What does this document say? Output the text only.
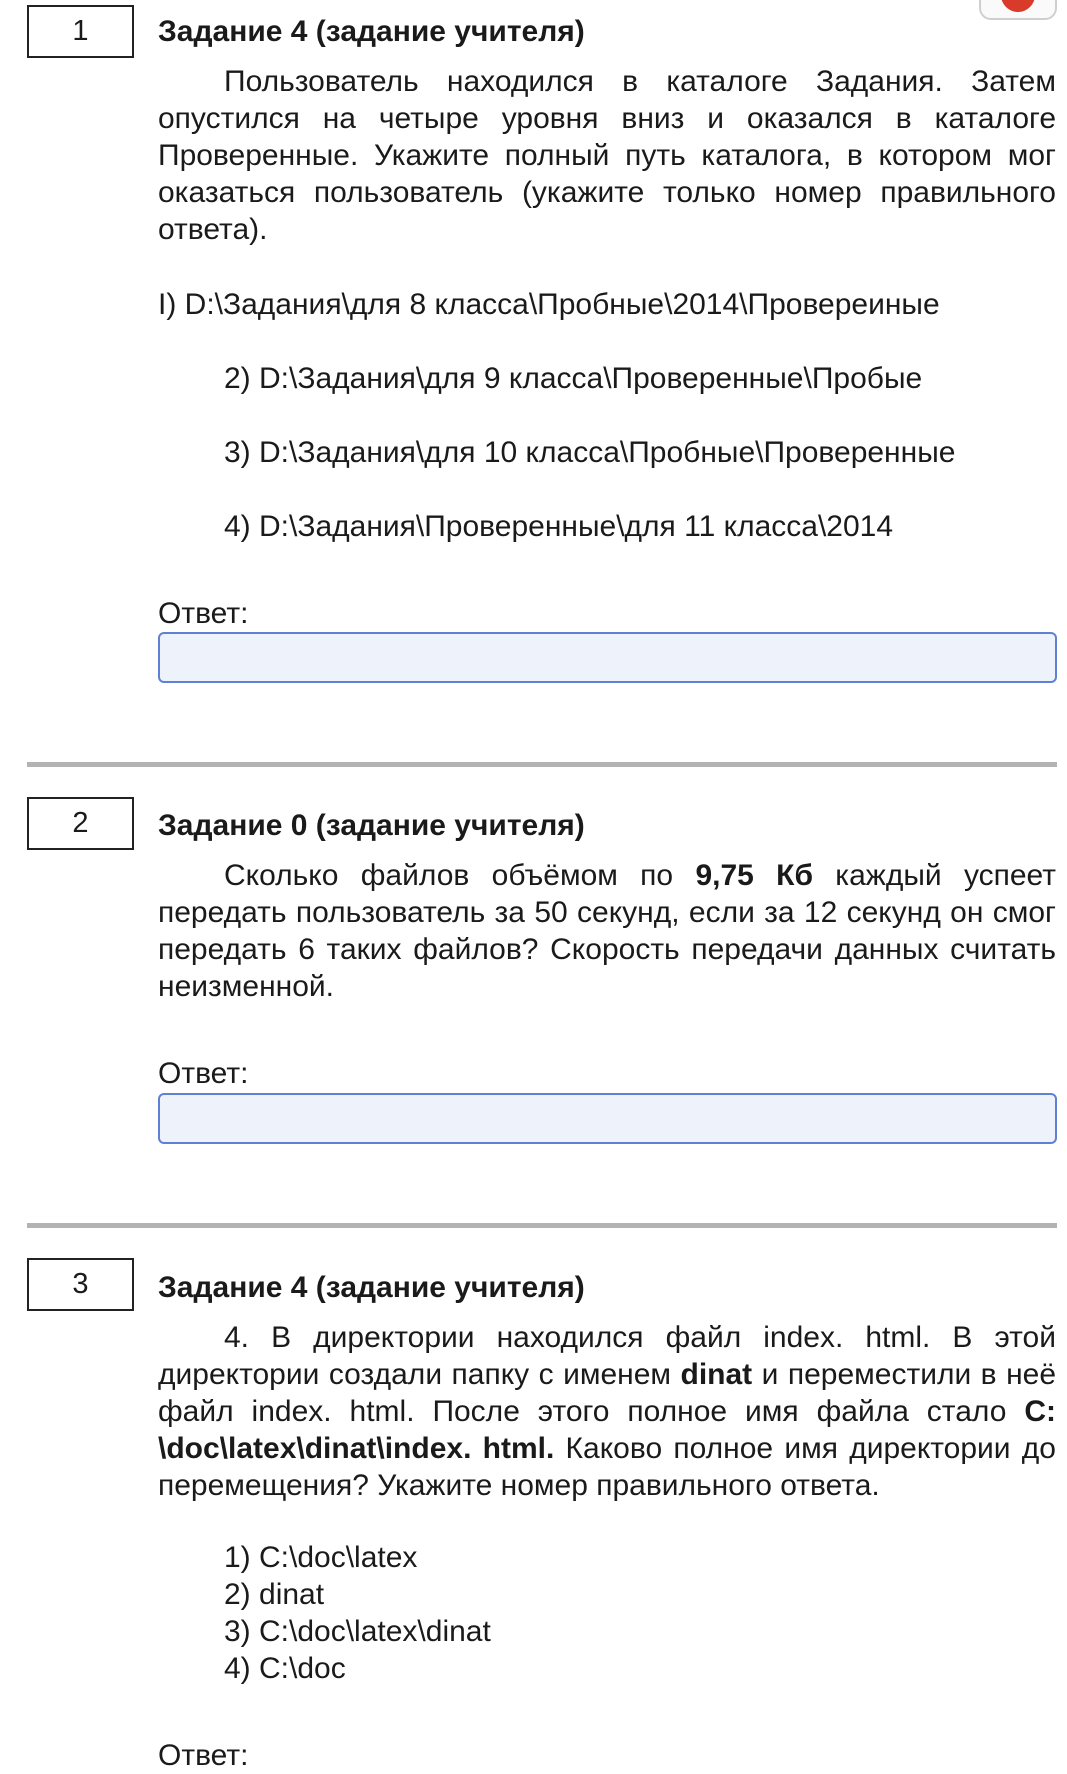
1	Задание 4 (задание учителя)
Пользователь находился в каталоге Задания. Затем опустился на четыре уровня вниз и оказался в каталоге Проверенные. Укажите полный путь каталога, в котором мог оказаться пользователь (укажите только номер правильного ответа).
I) D:\Задания\для 8 класса\Пробные\2014\Провереиные
2) D:\Задания\для 9 класса\Проверенные\Пробые
3) D:\Задания\для 10 класса\Пробные\Проверенные
4) D:\Задания\Проверенные\для 11 класса\2014
Ответ:
2	Задание 0 (задание учителя)
Сколько файлов объёмом по 9,75 Кб каждый успеет передать пользователь за 50 секунд, если за 12 секунд он смог передать 6 таких файлов? Скорость передачи данных считать неизменной.
Ответ:
3	Задание 4 (задание учителя)
4. В директории находился файл index. html. В этой директории создали папку с именем dinat и переместили в неё файл index. html. После этого полное имя файла стало C: \doc\latex\dinat\index. html. Каково полное имя директории до перемещения? Укажите номер правильного ответа.
1) C:\doc\latex
2) dinat
3) C:\doc\latex\dinat
4) C:\doc
Ответ:
